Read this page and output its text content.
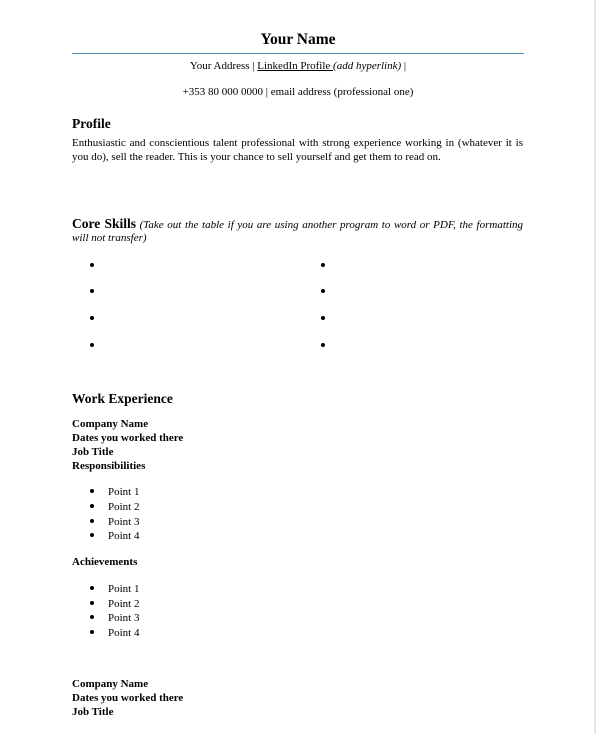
Your Name
Your Address | LinkedIn Profile (add hyperlink) |
+353 80 000 0000 | email address (professional one)
Profile
Enthusiastic and conscientious talent professional with strong experience working in (whatever it is you do), sell the reader. This is your chance to sell yourself and get them to read on.
Core Skills (Take out the table if you are using another program to word or PDF, the formatting will not transfer)
Work Experience
Company Name
Dates you worked there
Job Title
Responsibilities
Point 1
Point 2
Point 3
Point 4
Achievements
Point 1
Point 2
Point 3
Point 4
Company Name
Dates you worked there
Job Title
